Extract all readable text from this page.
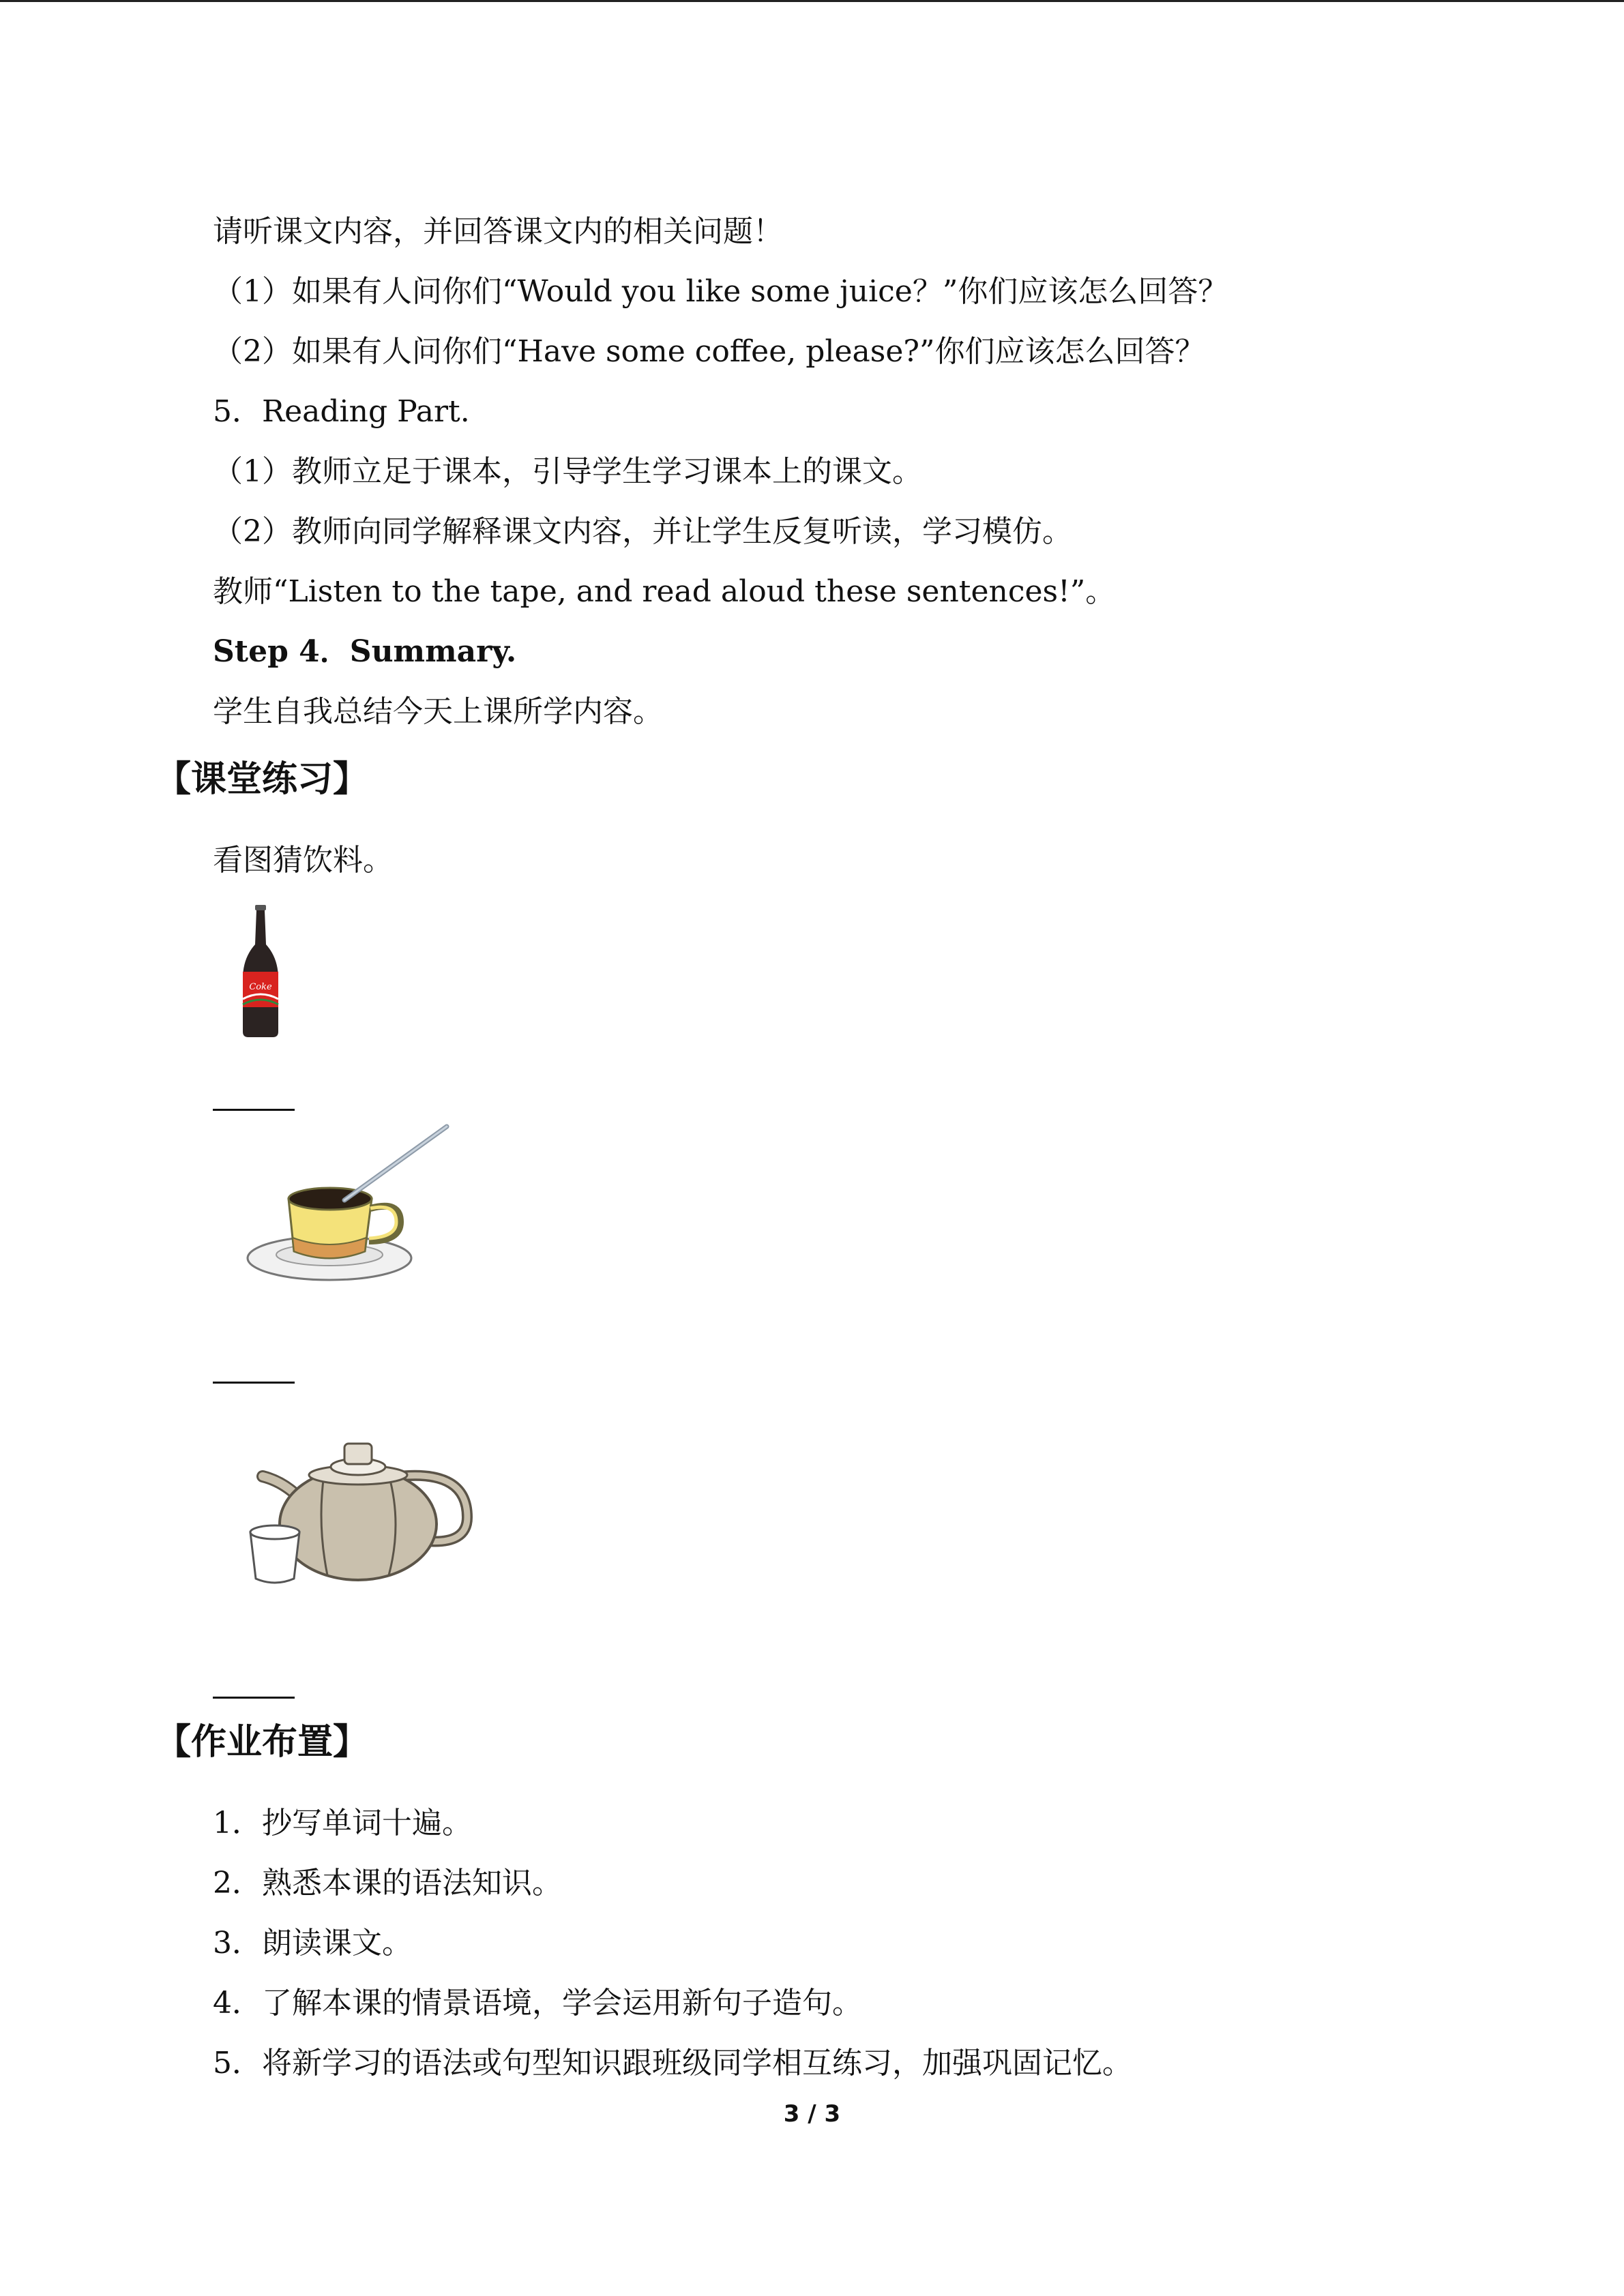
请听课文内容，并回答课文内的相关问题！
（1）如果有人问你们“Would you like some juice？”你们应该怎么回答？
（2）如果有人问你们“Have some coffee, please?”你们应该怎么回答？
5．Reading Part.
（1）教师立足于课本，引导学生学习课本上的课文。
（2）教师向同学解释课文内容，并让学生反复听读，学习模仿。
教师“Listen to the tape, and read aloud these sentences!”。
Step 4．Summary.
学生自我总结今天上课所学内容。
【课堂练习】
看图猜饮料。
Coke
【作业布置】
1．抄写单词十遍。
2．熟悉本课的语法知识。
3．朗读课文。
4．了解本课的情景语境，学会运用新句子造句。
5．将新学习的语法或句型知识跟班级同学相互练习，加强巩固记忆。
3 / 3
